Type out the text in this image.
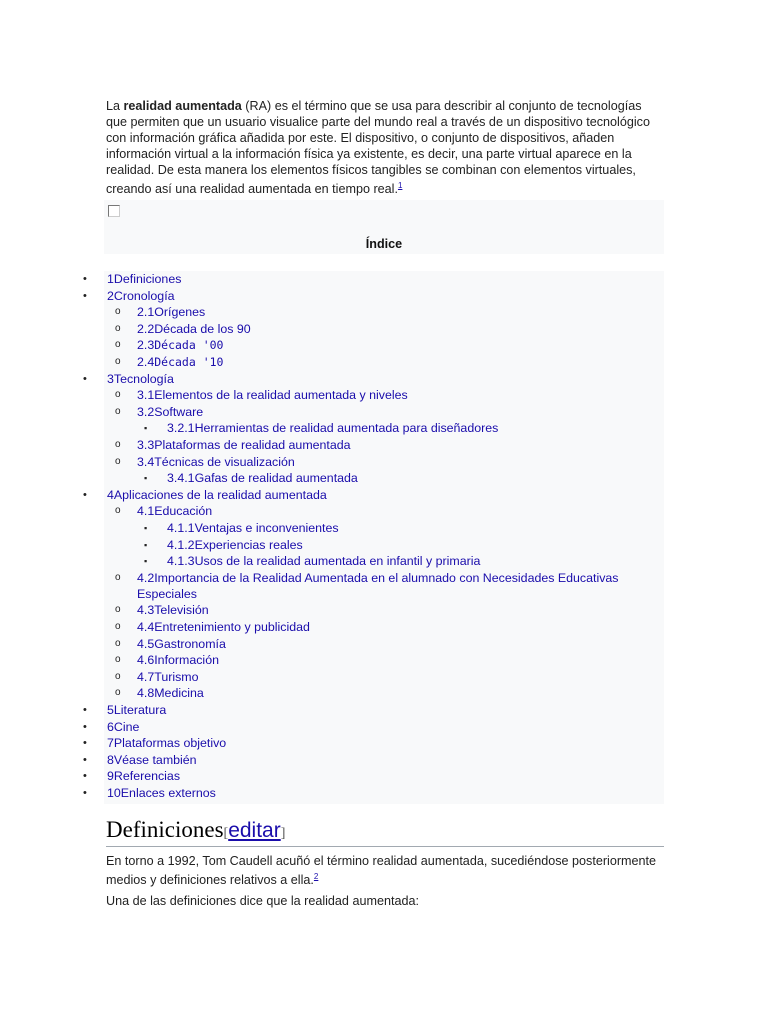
La realidad aumentada (RA) es el término que se usa para describir al conjunto de tecnologías que permiten que un usuario visualice parte del mundo real a través de un dispositivo tecnológico con información gráfica añadida por este. El dispositivo, o conjunto de dispositivos, añaden información virtual a la información física ya existente, es decir, una parte virtual aparece en la realidad. De esta manera los elementos físicos tangibles se combinan con elementos virtuales, creando así una realidad aumentada en tiempo real.$^1$

Índice
• 1Definiciones
• 2Cronología
o 2.1Orígenes
o 2.2Década de los 90
o 2.3Década '00
o 2.4Década '10
• 3Tecnología
o 3.1Elementos de la realidad aumentada y niveles
o 3.2Software
▪ 3.2.1Herramientas de realidad aumentada para diseñadores
o 3.3Plataformas de realidad aumentada
o 3.4Técnicas de visualización
▪ 3.4.1Gafas de realidad aumentada
• 4Aplicaciones de la realidad aumentada
o 4.1Educación
▪ 4.1.1Ventajas e inconvenientes
▪ 4.1.2Experiencias reales
▪ 4.1.3Usos de la realidad aumentada en infantil y primaria
o 4.2Importancia de la Realidad Aumentada en el alumnado con Necesidades Educativas Especiales
o 4.3Televisión
o 4.4Entretenimiento y publicidad
o 4.5Gastronomía
o 4.6Información
o 4.7Turismo
o 4.8Medicina
• 5Literatura
• 6Cine
• 7Plataformas objetivo
• 8Véase también
• 9Referencias
• 10Enlaces externos
Definiciones[editar]

En torno a 1992, Tom Caudell acuñó el término realidad aumentada, sucediéndose posteriormente medios y definiciones relativos a ella.$^2$

Una de las definiciones dice que la realidad aumentada:
